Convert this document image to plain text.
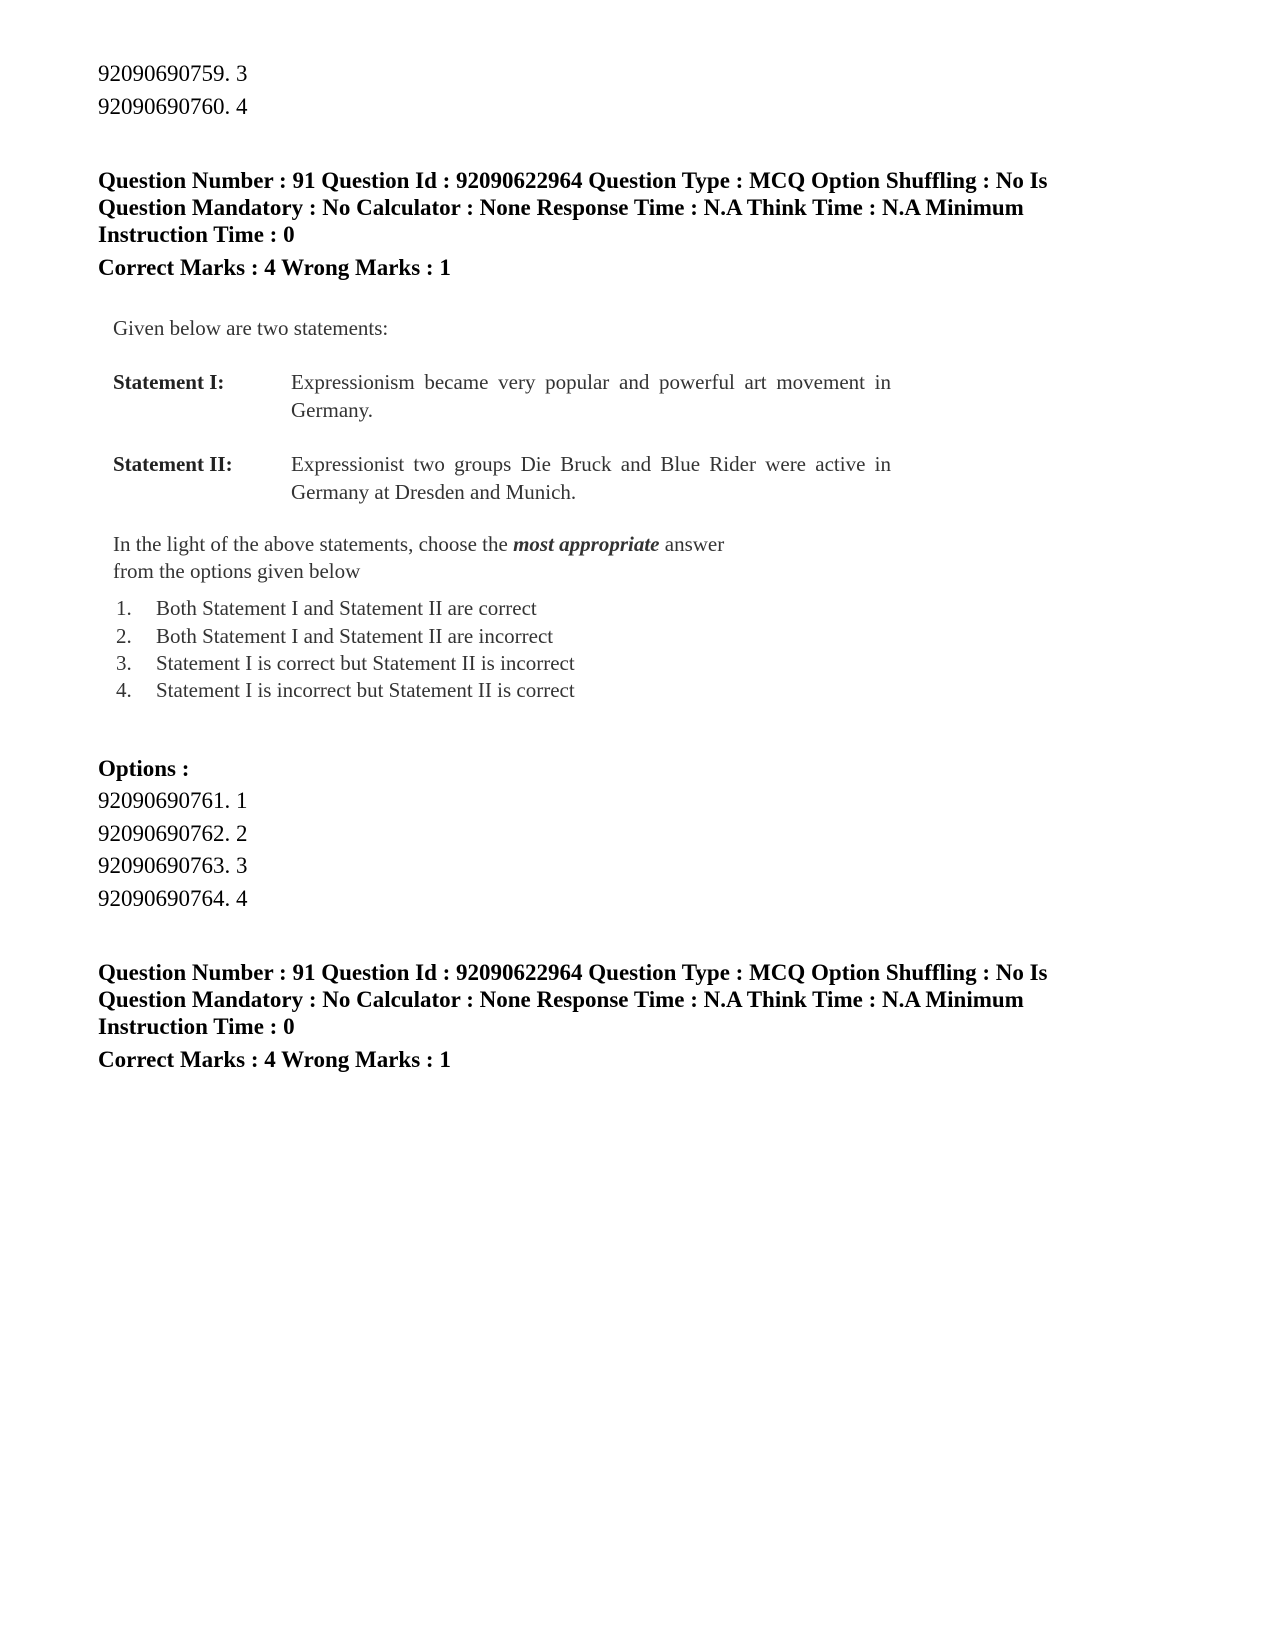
92090690759. 3
92090690760. 4
Question Number : 91 Question Id : 92090622964 Question Type : MCQ Option Shuffling : No Is
Question Mandatory : No Calculator : None Response Time : N.A Think Time : N.A Minimum
Instruction Time : 0
Correct Marks : 4 Wrong Marks : 1
Given below are two statements:
Statement I:	Expressionism became very popular and powerful art movement in Germany.
Statement II:	Expressionist two groups Die Bruck and Blue Rider were active in Germany at Dresden and Munich.
In the light of the above statements, choose the most appropriate answer
from the options given below
1. Both Statement I and Statement II are correct
2. Both Statement I and Statement II are incorrect
3. Statement I is correct but Statement II is incorrect
4. Statement I is incorrect but Statement II is correct
Options :
92090690761. 1
92090690762. 2
92090690763. 3
92090690764. 4
Question Number : 91 Question Id : 92090622964 Question Type : MCQ Option Shuffling : No Is
Question Mandatory : No Calculator : None Response Time : N.A Think Time : N.A Minimum
Instruction Time : 0
Correct Marks : 4 Wrong Marks : 1
